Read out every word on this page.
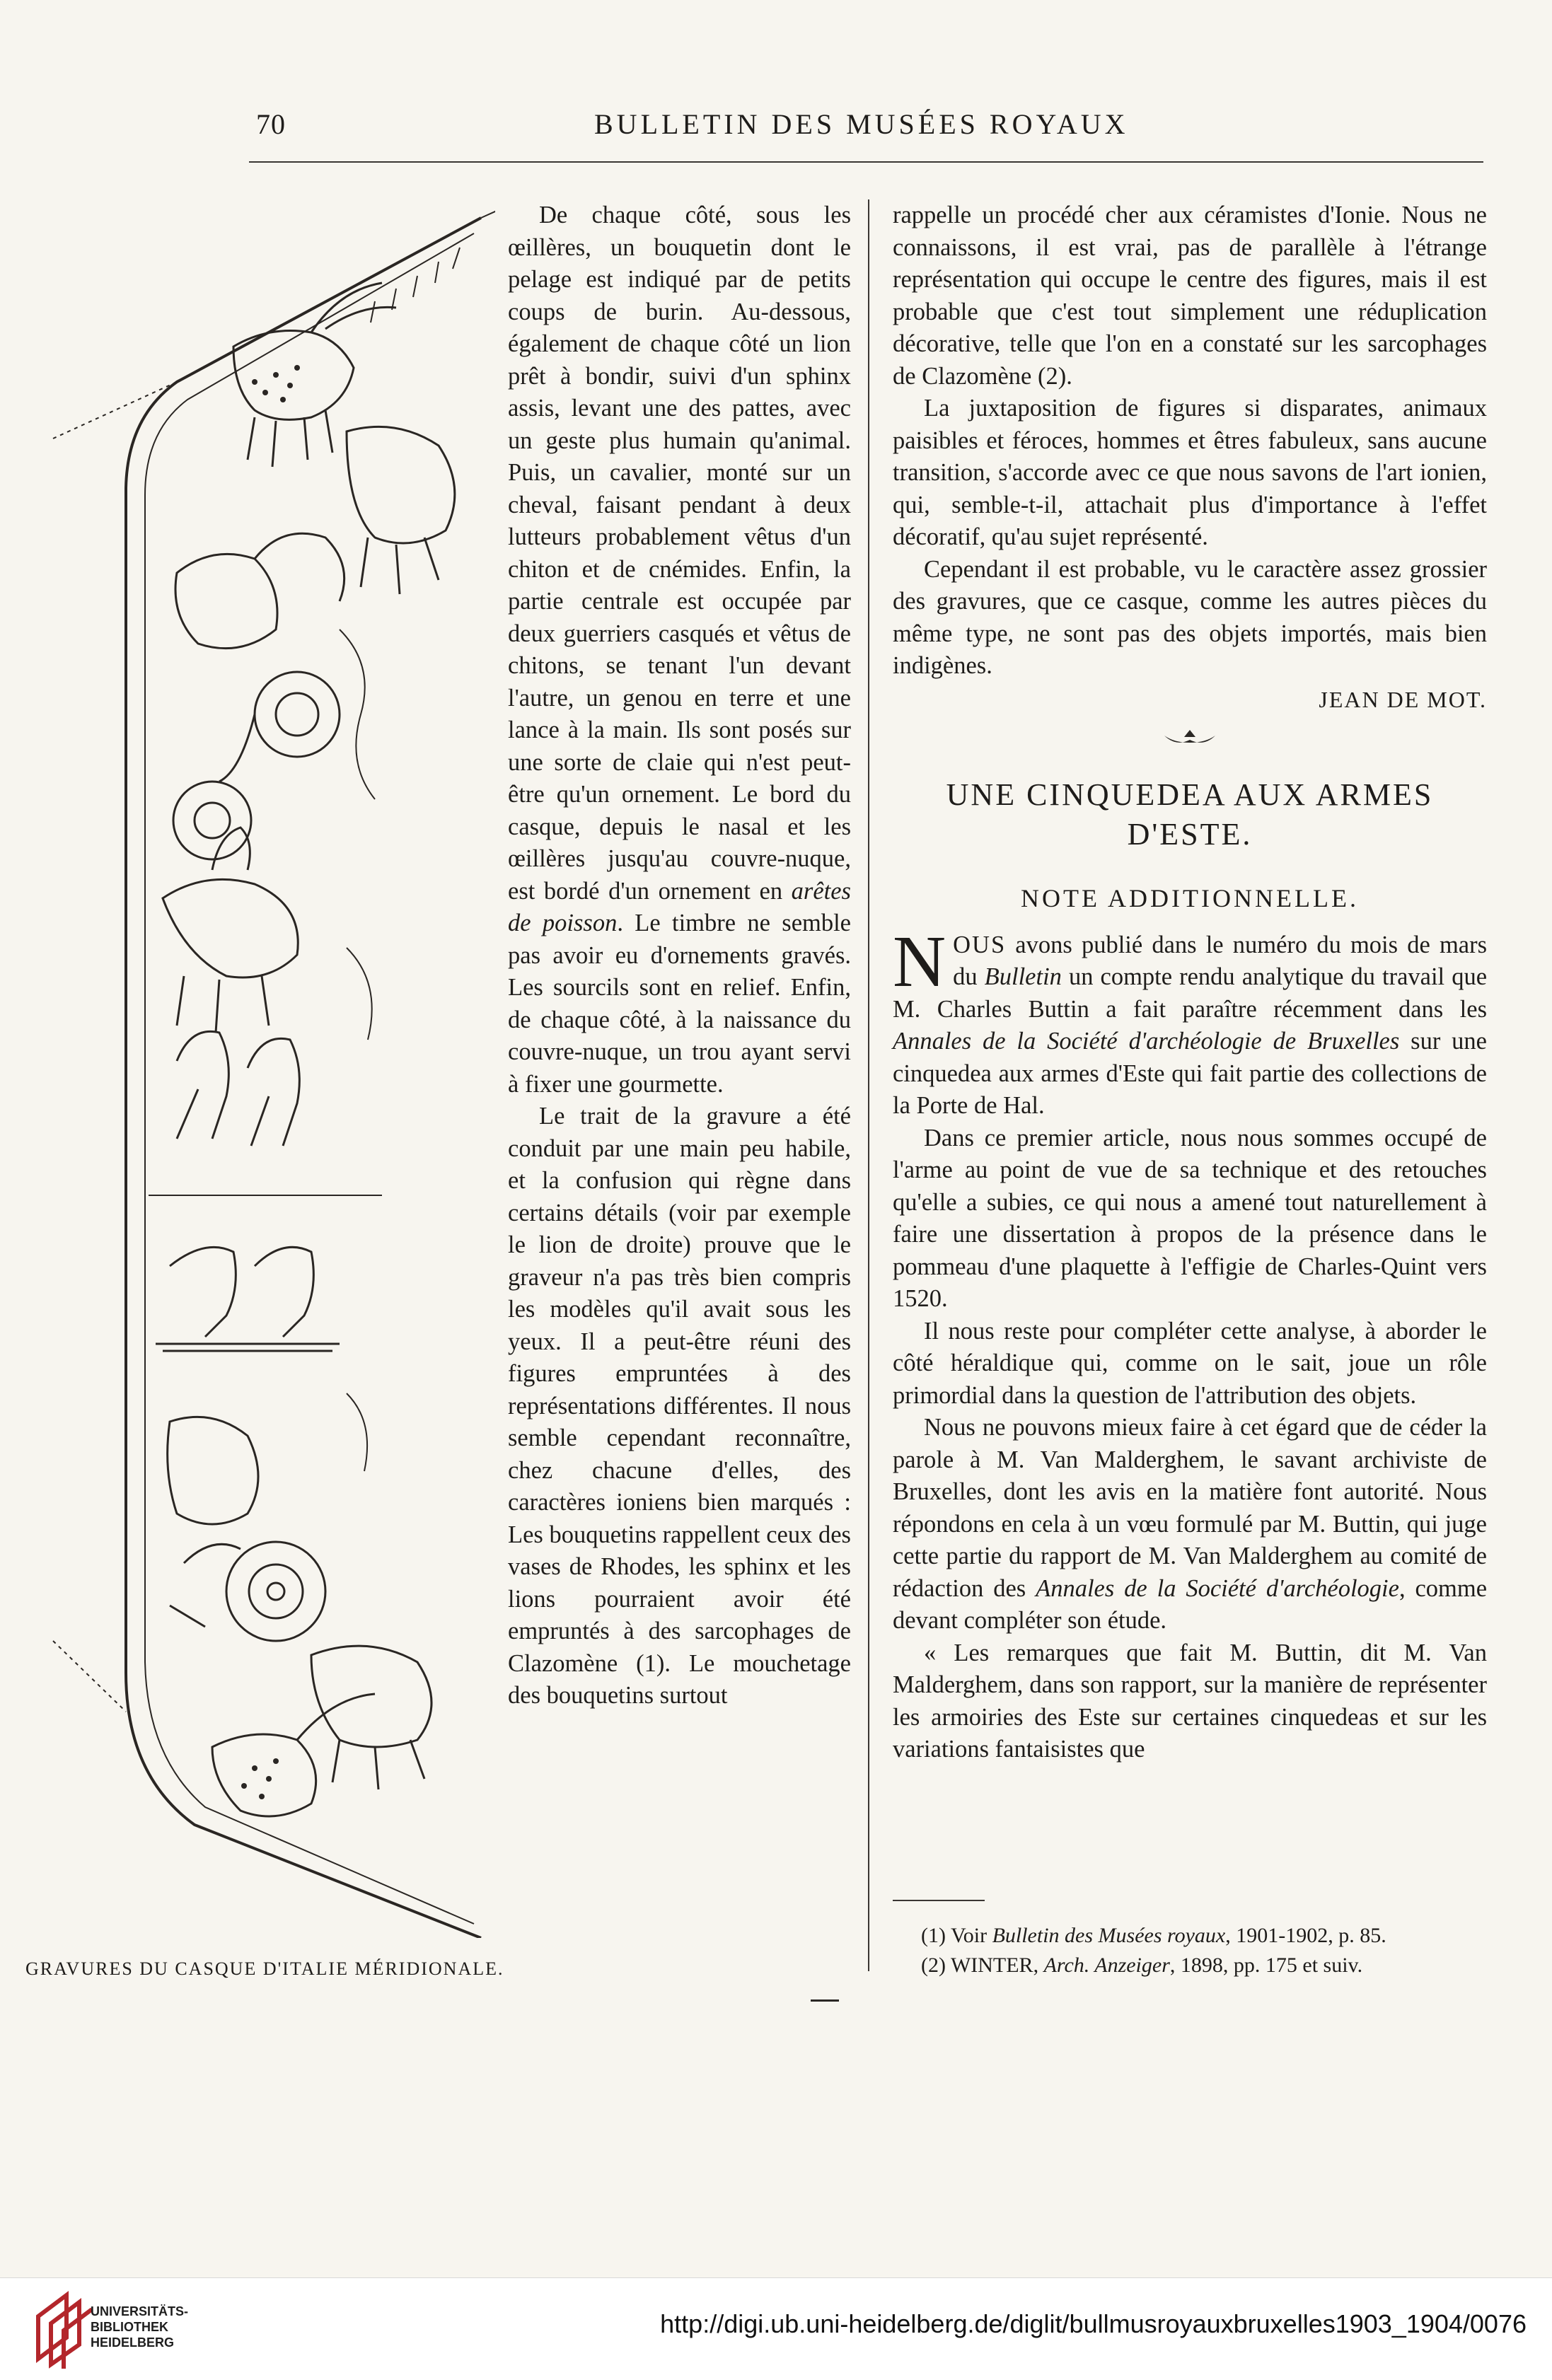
70	BULLETIN DES MUSÉES ROYAUX
GRAVURES DU CASQUE D'ITALIE MÉRIDIONALE.

De chaque côté, sous les œillères, un bouquetin dont le pelage est indiqué par de petits coups de burin. Au-dessous, également de chaque côté un lion prêt à bondir, suivi d'un sphinx assis, levant une des pattes, avec un geste plus humain qu'animal. Puis, un cavalier, monté sur un cheval, faisant pendant à deux lutteurs probablement vêtus d'un chiton et de cnémides. Enfin, la partie centrale est occupée par deux guerriers casqués et vêtus de chitons, se tenant l'un devant l'autre, un genou en terre et une lance à la main. Ils sont posés sur une sorte de claie qui n'est peut-être qu'un ornement. Le bord du casque, depuis le nasal et les œillères jusqu'au couvre-nuque, est bordé d'un ornement en arêtes de poisson. Le timbre ne semble pas avoir eu d'ornements gravés. Les sourcils sont en relief. Enfin, de chaque côté, à la naissance du couvre-nuque, un trou ayant servi à fixer une gourmette.

Le trait de la gravure a été conduit par une main peu habile, et la confusion qui règne dans certains détails (voir par exemple le lion de droite) prouve que le graveur n'a pas très bien compris les modèles qu'il avait sous les yeux. Il a peut-être réuni des figures empruntées à des représentations différentes. Il nous semble cependant reconnaître, chez chacune d'elles, des caractères ioniens bien marqués : Les bouquetins rappellent ceux des vases de Rhodes, les sphinx et les lions pourraient avoir été empruntés à des sarcophages de Clazomène (1). Le mouchetage des bouquetins surtout

rappelle un procédé cher aux céramistes d'Ionie. Nous ne connaissons, il est vrai, pas de parallèle à l'étrange représentation qui occupe le centre des figures, mais il est probable que c'est tout simplement une réduplication décorative, telle que l'on en a constaté sur les sarcophages de Clazomène (2).

La juxtaposition de figures si disparates, animaux paisibles et féroces, hommes et êtres fabuleux, sans aucune transition, s'accorde avec ce que nous savons de l'art ionien, qui, semble-t-il, attachait plus d'importance à l'effet décoratif, qu'au sujet représenté.

Cependant il est probable, vu le caractère assez grossier des gravures, que ce casque, comme les autres pièces du même type, ne sont pas des objets importés, mais bien indigènes.

JEAN DE MOT.

UNE CINQUEDEA AUX ARMES D'ESTE.

NOTE ADDITIONNELLE.

NOUS avons publié dans le numéro du mois de mars du Bulletin un compte rendu analytique du travail que M. Charles Buttin a fait paraître récemment dans les Annales de la Société d'archéologie de Bruxelles sur une cinquedea aux armes d'Este qui fait partie des collections de la Porte de Hal.

Dans ce premier article, nous nous sommes occupé de l'arme au point de vue de sa technique et des retouches qu'elle a subies, ce qui nous a amené tout naturellement à faire une dissertation à propos de la présence dans le pommeau d'une plaquette à l'effigie de Charles-Quint vers 1520.

Il nous reste pour compléter cette analyse, à aborder le côté héraldique qui, comme on le sait, joue un rôle primordial dans la question de l'attribution des objets.

Nous ne pouvons mieux faire à cet égard que de céder la parole à M. Van Malderghem, le savant archiviste de Bruxelles, dont les avis en la matière font autorité. Nous répondons en cela à un vœu formulé par M. Buttin, qui juge cette partie du rapport de M. Van Malderghem au comité de rédaction des Annales de la Société d'archéologie, comme devant compléter son étude.

« Les remarques que fait M. Buttin, dit M. Van Malderghem, dans son rapport, sur la manière de représenter les armoiries des Este sur certaines cinquedeas et sur les variations fantaisistes que

(1) Voir Bulletin des Musées royaux, 1901-1902, p. 85.

(2) WINTER, Arch. Anzeiger, 1898, pp. 175 et suiv.

UNIVERSITÄTS-
BIBLIOTHEK
HEIDELBERG
http://digi.ub.uni-heidelberg.de/diglit/bullmusroyauxbruxelles1903_1904/0076
